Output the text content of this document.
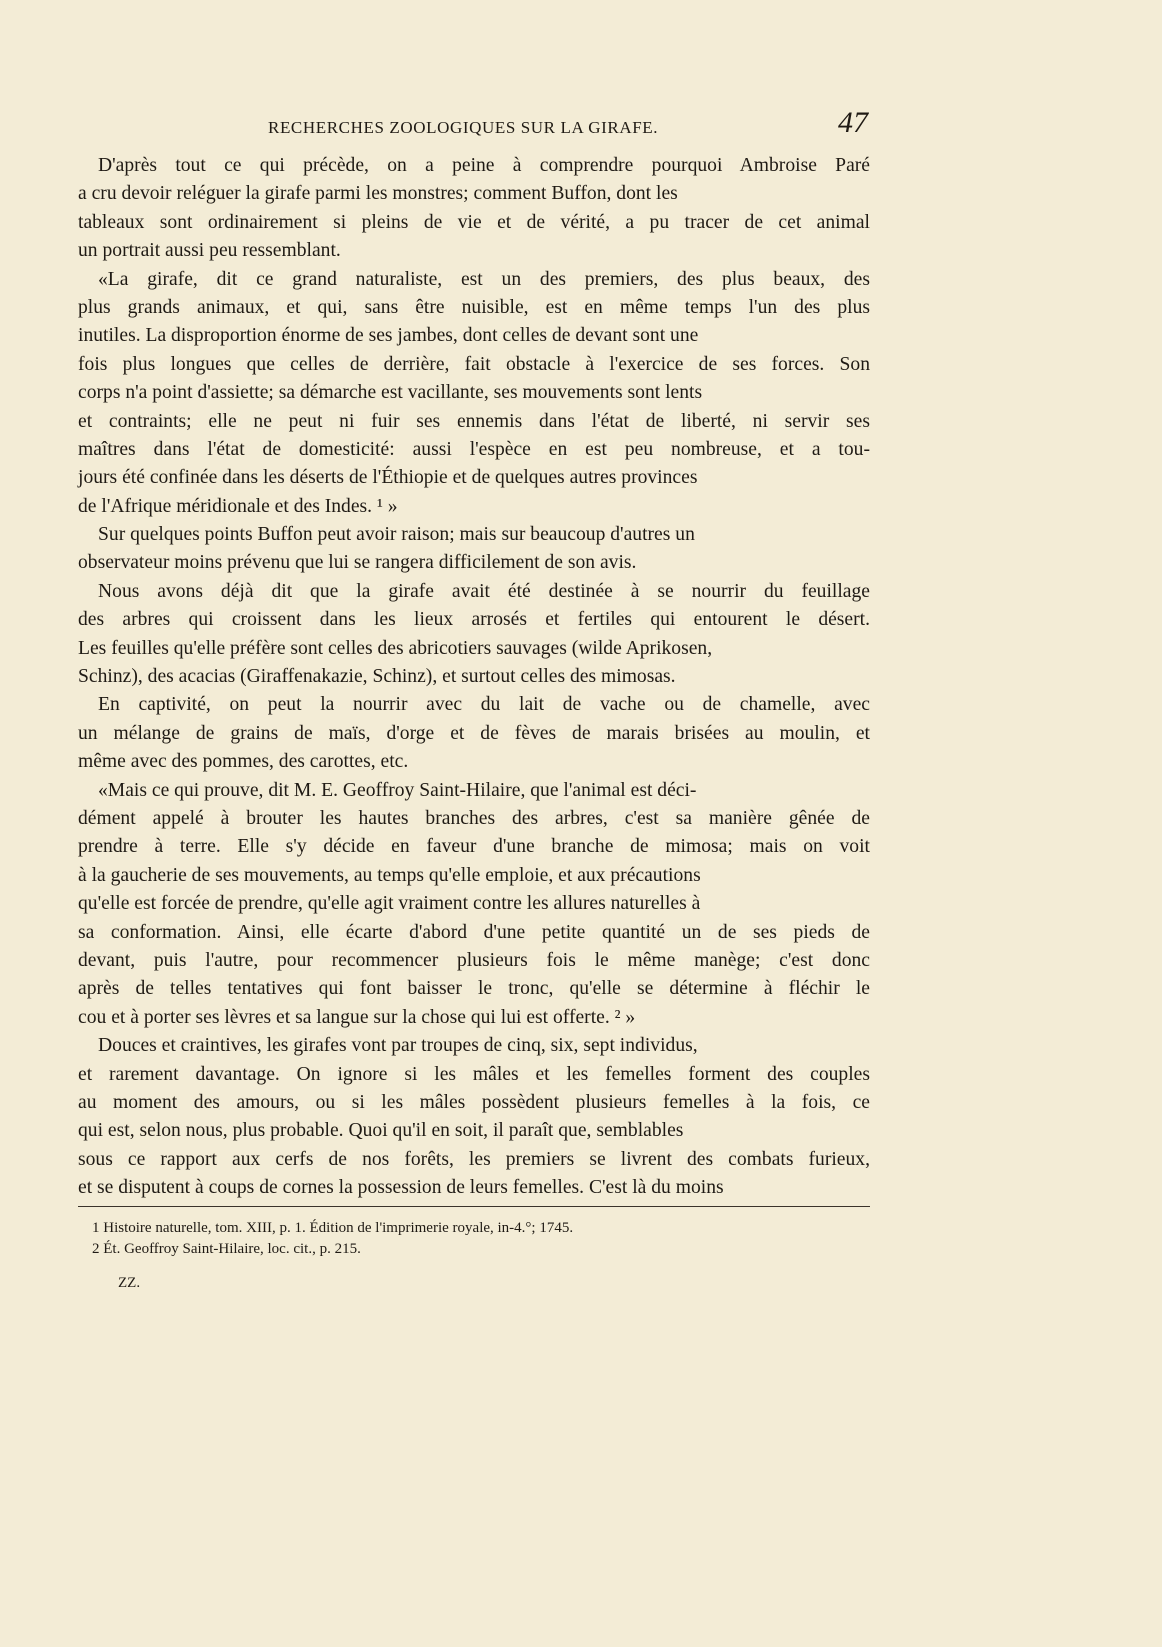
RECHERCHES ZOOLOGIQUES SUR LA GIRAFE.	47
D'après tout ce qui précède, on a peine à comprendre pourquoi Ambroise Paré
a cru devoir reléguer la girafe parmi les monstres; comment Buffon, dont les
tableaux sont ordinairement si pleins de vie et de vérité, a pu tracer de cet animal
un portrait aussi peu ressemblant.
«La girafe, dit ce grand naturaliste, est un des premiers, des plus beaux, des
plus grands animaux, et qui, sans être nuisible, est en même temps l'un des plus
inutiles. La disproportion énorme de ses jambes, dont celles de devant sont une
fois plus longues que celles de derrière, fait obstacle à l'exercice de ses forces. Son
corps n'a point d'assiette; sa démarche est vacillante, ses mouvements sont lents
et contraints; elle ne peut ni fuir ses ennemis dans l'état de liberté, ni servir ses
maîtres dans l'état de domesticité: aussi l'espèce en est peu nombreuse, et a tou-
jours été confinée dans les déserts de l'Éthiopie et de quelques autres provinces
de l'Afrique méridionale et des Indes. ¹ »
Sur quelques points Buffon peut avoir raison; mais sur beaucoup d'autres un
observateur moins prévenu que lui se rangera difficilement de son avis.
Nous avons déjà dit que la girafe avait été destinée à se nourrir du feuillage
des arbres qui croissent dans les lieux arrosés et fertiles qui entourent le désert.
Les feuilles qu'elle préfère sont celles des abricotiers sauvages (wilde Aprikosen,
Schinz), des acacias (Giraffenakazie, Schinz), et surtout celles des mimosas.
En captivité, on peut la nourrir avec du lait de vache ou de chamelle, avec
un mélange de grains de maïs, d'orge et de fèves de marais brisées au moulin, et
même avec des pommes, des carottes, etc.
«Mais ce qui prouve, dit M. E. Geoffroy Saint-Hilaire, que l'animal est déci-
dément appelé à brouter les hautes branches des arbres, c'est sa manière gênée de
prendre à terre. Elle s'y décide en faveur d'une branche de mimosa; mais on voit
à la gaucherie de ses mouvements, au temps qu'elle emploie, et aux précautions
qu'elle est forcée de prendre, qu'elle agit vraiment contre les allures naturelles à
sa conformation. Ainsi, elle écarte d'abord d'une petite quantité un de ses pieds de
devant, puis l'autre, pour recommencer plusieurs fois le même manège; c'est donc
après de telles tentatives qui font baisser le tronc, qu'elle se détermine à fléchir le
cou et à porter ses lèvres et sa langue sur la chose qui lui est offerte. ² »
Douces et craintives, les girafes vont par troupes de cinq, six, sept individus,
et rarement davantage. On ignore si les mâles et les femelles forment des couples
au moment des amours, ou si les mâles possèdent plusieurs femelles à la fois, ce
qui est, selon nous, plus probable. Quoi qu'il en soit, il paraît que, semblables
sous ce rapport aux cerfs de nos forêts, les premiers se livrent des combats furieux,
et se disputent à coups de cornes la possession de leurs femelles. C'est là du moins
1 Histoire naturelle, tom. XIII, p. 1. Édition de l'imprimerie royale, in-4.°; 1745.
2 Ét. Geoffroy Saint-Hilaire, loc. cit., p. 215.
ZZ.
